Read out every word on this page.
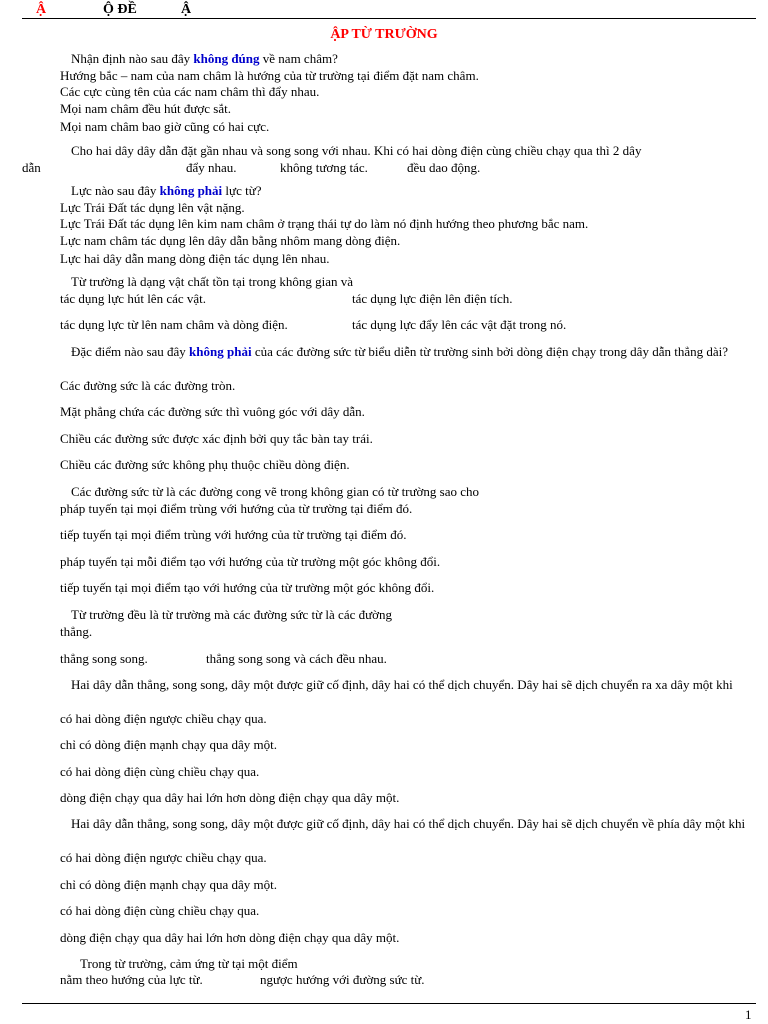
Ậ	Ộ ĐỀ	Ậ
ẬP TỪ TRƯỜNG
Nhận định nào sau đây không đúng về nam châm?
Hướng bắc – nam của nam châm là hướng của từ trường tại điểm đặt nam châm.
Các cực cùng tên của các nam châm thì đẩy nhau.
Mọi nam châm đều hút được sắt.
Mọi nam châm bao giờ cũng có hai cực.
Cho hai dây dây dẫn đặt gần nhau và song song với nhau. Khi có hai dòng điện cùng chiều chạy qua thì 2 dây
dẫn	đẩy nhau.	không tương tác.	đều dao động.
Lực nào sau đây không phải lực từ?
Lực Trái Đất tác dụng lên vật nặng.
Lực Trái Đất tác dụng lên kim nam châm ở trạng thái tự do làm nó định hướng theo phương bắc nam.
Lực nam châm tác dụng lên dây dẫn bằng nhôm mang dòng điện.
Lực hai dây dẫn mang dòng điện tác dụng lên nhau.
Từ trường là dạng vật chất tồn tại trong không gian và
tác dụng lực hút lên các vật.	tác dụng lực điện lên điện tích.
tác dụng lực từ lên nam châm và dòng điện.	tác dụng lực đẩy lên các vật đặt trong nó.
Đặc điểm nào sau đây không phải của các đường sức từ biểu diễn từ trường sinh bởi dòng điện chạy trong dây dẫn thẳng dài?
Các đường sức là các đường tròn.
Mặt phẳng chứa các đường sức thì vuông góc với dây dẫn.
Chiều các đường sức được xác định bởi quy tắc bàn tay trái.
Chiều các đường sức không phụ thuộc chiều dòng điện.
Các đường sức từ là các đường cong vẽ trong không gian có từ trường sao cho
pháp tuyến tại mọi điểm trùng với hướng của từ trường tại điểm đó.
tiếp tuyến tại mọi điểm trùng với hướng của từ trường tại điểm đó.
pháp tuyến tại mỗi điểm tạo với hướng của từ trường một góc không đổi.
tiếp tuyến tại mọi điểm tạo với hướng của từ trường một góc không đổi.
Từ trường đều là từ trường mà các đường sức từ là các đường
thẳng.
thẳng song song.	thẳng song song và cách đều nhau.
Hai dây dẫn thẳng, song song, dây một được giữ cố định, dây hai có thể dịch chuyển. Dây hai sẽ dịch chuyển ra xa dây một khi
có hai dòng điện ngược chiều chạy qua.
chỉ có dòng điện mạnh chạy qua dây một.
có hai dòng điện cùng chiều chạy qua.
dòng điện chạy qua dây hai lớn hơn dòng điện chạy qua dây một.
Hai dây dẫn thẳng, song song, dây một được giữ cố định, dây hai có thể dịch chuyển. Dây hai sẽ dịch chuyển về phía dây một khi
có hai dòng điện ngược chiều chạy qua.
chỉ có dòng điện mạnh chạy qua dây một.
có hai dòng điện cùng chiều chạy qua.
dòng điện chạy qua dây hai lớn hơn dòng điện chạy qua dây một.
Trong từ trường, cảm ứng từ tại một điểm
nằm theo hướng của lực từ.	ngược hướng với đường sức từ.
1
